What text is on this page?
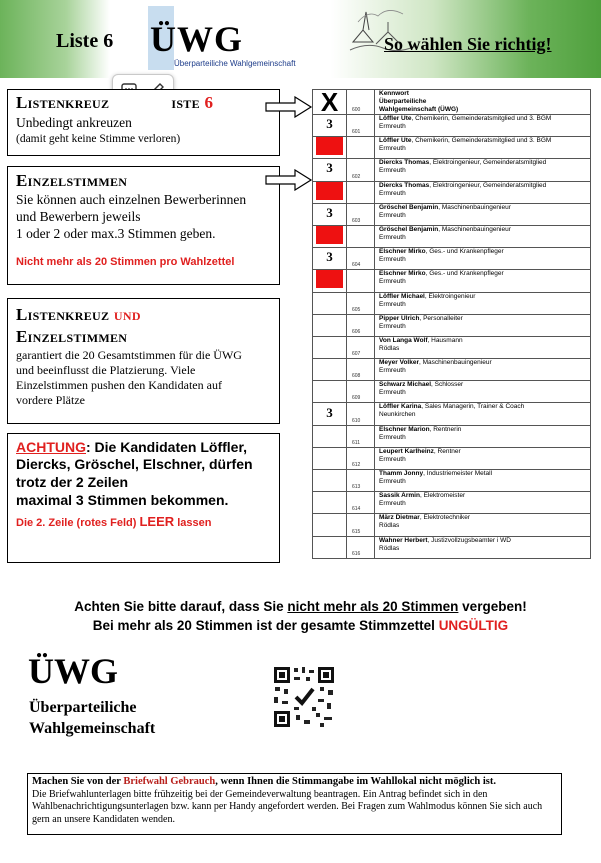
Liste 6 ÜWG
Überparteiliche Wahlgemeinschaft
So wählen Sie richtig!
Listenkreuz	iste 6
Unbedingt ankreuzen
(damit geht keine Stimme verloren)
Einzelstimmen
Sie können auch einzelnen Bewerberinnen
und Bewerbern jeweils
1 oder 2 oder max.3 Stimmen geben.
Nicht mehr als 20 Stimmen pro Wahlzettel
Listenkreuz und
Einzelstimmen
garantiert die 20 Gesamtstimmen für die ÜWG
und beeinflusst die Platzierung. Viele
Einzelstimmen pushen den Kandidaten auf
vordere Plätze
ACHTUNG: Die Kandidaten Löffler,
Diercks, Gröschel, Elschner, dürfen
trotz der 2 Zeilen
maximal 3 Stimmen bekommen.
Die 2. Zeile (rotes Feld) LEER lassen
X	600	Kennwort
Überparteiliche
Wahlgemeinschaft (ÜWG)

3	601	Löffler Ute, Chemikerin, Gemeinderatsmitglied und 3. BGM
Ermreuth

		Löffler Ute, Chemikerin, Gemeinderatsmitglied und 3. BGM
Ermreuth

3	602	Diercks Thomas, Elektroingenieur, Gemeinderatsmitglied
Ermreuth

		Diercks Thomas, Elektroingenieur, Gemeinderatsmitglied
Ermreuth

3	603	Gröschel Benjamin, Maschinenbauingenieur
Ermreuth

		Gröschel Benjamin, Maschinenbauingenieur
Ermreuth

3	604	Elschner Mirko, Ges.- und Krankenpfleger
Ermreuth

		Elschner Mirko, Ges.- und Krankenpfleger
Ermreuth

	605	Löffler Michael, Elektroingenieur
Ermreuth

	606	Pipper Ulrich, Personalleiter
Ermreuth

	607	Von Langa Wolf, Hausmann
Rödlas

	608	Meyer Volker, Maschinenbauingenieur
Ermreuth

	609	Schwarz Michael, Schlosser
Ermreuth

3	610	Löffler Karina, Sales Managerin, Trainer & Coach
Neunkirchen

	611	Elschner Marion, Rentnerin
Ermreuth

	612	Leupert Karlheinz, Rentner
Ermreuth

	613	Thamm Jonny, Industriemeister Metall
Ermreuth

	614	Sassik Armin, Elektromeister
Ermreuth

	615	März Dietmar, Elektrotechniker
Rödlas

	616	Wahner Herbert, Justizvollzugsbeamter i WD
Rödlas
Achten Sie bitte darauf, dass Sie nicht mehr als 20 Stimmen vergeben!
Bei mehr als 20 Stimmen ist der gesamte Stimmzettel UNGÜLTIG
ÜWG
Überparteiliche
Wahlgemeinschaft
Machen Sie von der Briefwahl Gebrauch, wenn Ihnen die Stimmangabe im Wahllokal nicht möglich ist.
Die Briefwahlunterlagen bitte frühzeitig bei der Gemeindeverwaltung beantragen. Ein Antrag befindet sich in den Wahlbenachrichtigungsunterlagen bzw. kann per Handy angefordert werden. Bei Fragen zum Wahlmodus können Sie sich auch gern an unsere Kandidaten wenden.
